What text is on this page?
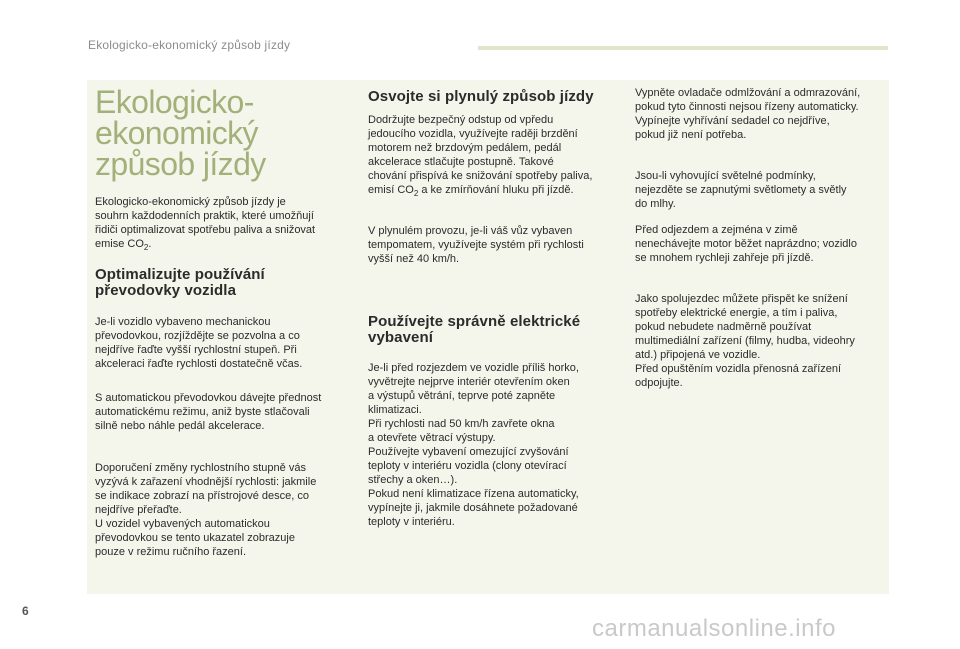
Ekologicko-ekonomický způsob jízdy
Ekologicko-ekonomický
způsob jízdy

Ekologicko-ekonomický způsob jízdy je
souhrn každodenních praktik, které umožňují
řidiči optimalizovat spotřebu paliva a snižovat
emise $CO_2$.

Optimalizujte používání
převodovky vozidla

Je-li vozidlo vybaveno mechanickou
převodovkou, rozjíždějte se pozvolna a co
nejdříve řaďte vyšší rychlostní stupeň. Při
akceleraci řaďte rychlosti dostatečně včas.

S automatickou převodovkou dávejte přednost
automatickému režimu, aniž byste stlačovali
silně nebo náhle pedál akcelerace.

Doporučení změny rychlostního stupně vás
vyzývá k zařazení vhodnější rychlosti: jakmile
se indikace zobrazí na přístrojové desce, co
nejdříve přeřaďte.
U vozidel vybavených automatickou
převodovkou se tento ukazatel zobrazuje
pouze v režimu ručního řazení.

Osvojte si plynulý způsob jízdy

Dodržujte bezpečný odstup od vpředu
jedoucího vozidla, využívejte raději brzdění
motorem než brzdovým pedálem, pedál
akcelerace stlačujte postupně. Takové
chování přispívá ke snižování spotřeby paliva,
emisí $CO_2$ a ke zmírňování hluku při jízdě.

V plynulém provozu, je-li váš vůz vybaven
tempomatem, využívejte systém při rychlosti
vyšší než 40 km/h.

Používejte správně elektrické
vybavení

Je-li před rozjezdem ve vozidle příliš horko,
vyvětrejte nejprve interiér otevřením oken
a výstupů větrání, teprve poté zapněte
klimatizaci.
Při rychlosti nad 50 km/h zavřete okna
a otevřete větrací výstupy.
Používejte vybavení omezující zvyšování
teploty v interiéru vozidla (clony otevírací
střechy a oken…).
Pokud není klimatizace řízena automaticky,
vypínejte ji, jakmile dosáhnete požadované
teploty v interiéru.

Vypněte ovladače odmlžování a odmrazování,
pokud tyto činnosti nejsou řízeny automaticky.
Vypínejte vyhřívání sedadel co nejdříve,
pokud již není potřeba.

Jsou-li vyhovující světelné podmínky,
nejezděte se zapnutými světlomety a světly
do mlhy.

Před odjezdem a zejména v zimě
nenechávejte motor běžet naprázdno; vozidlo
se mnohem rychleji zahřeje při jízdě.

Jako spolujezdec můžete přispět ke snížení
spotřeby elektrické energie, a tím i paliva,
pokud nebudete nadměrně používat
multimediální zařízení (filmy, hudba, videohry
atd.) připojená ve vozidle.
Před opuštěním vozidla přenosná zařízení
odpojujte.

6
carmanualsonline.info
